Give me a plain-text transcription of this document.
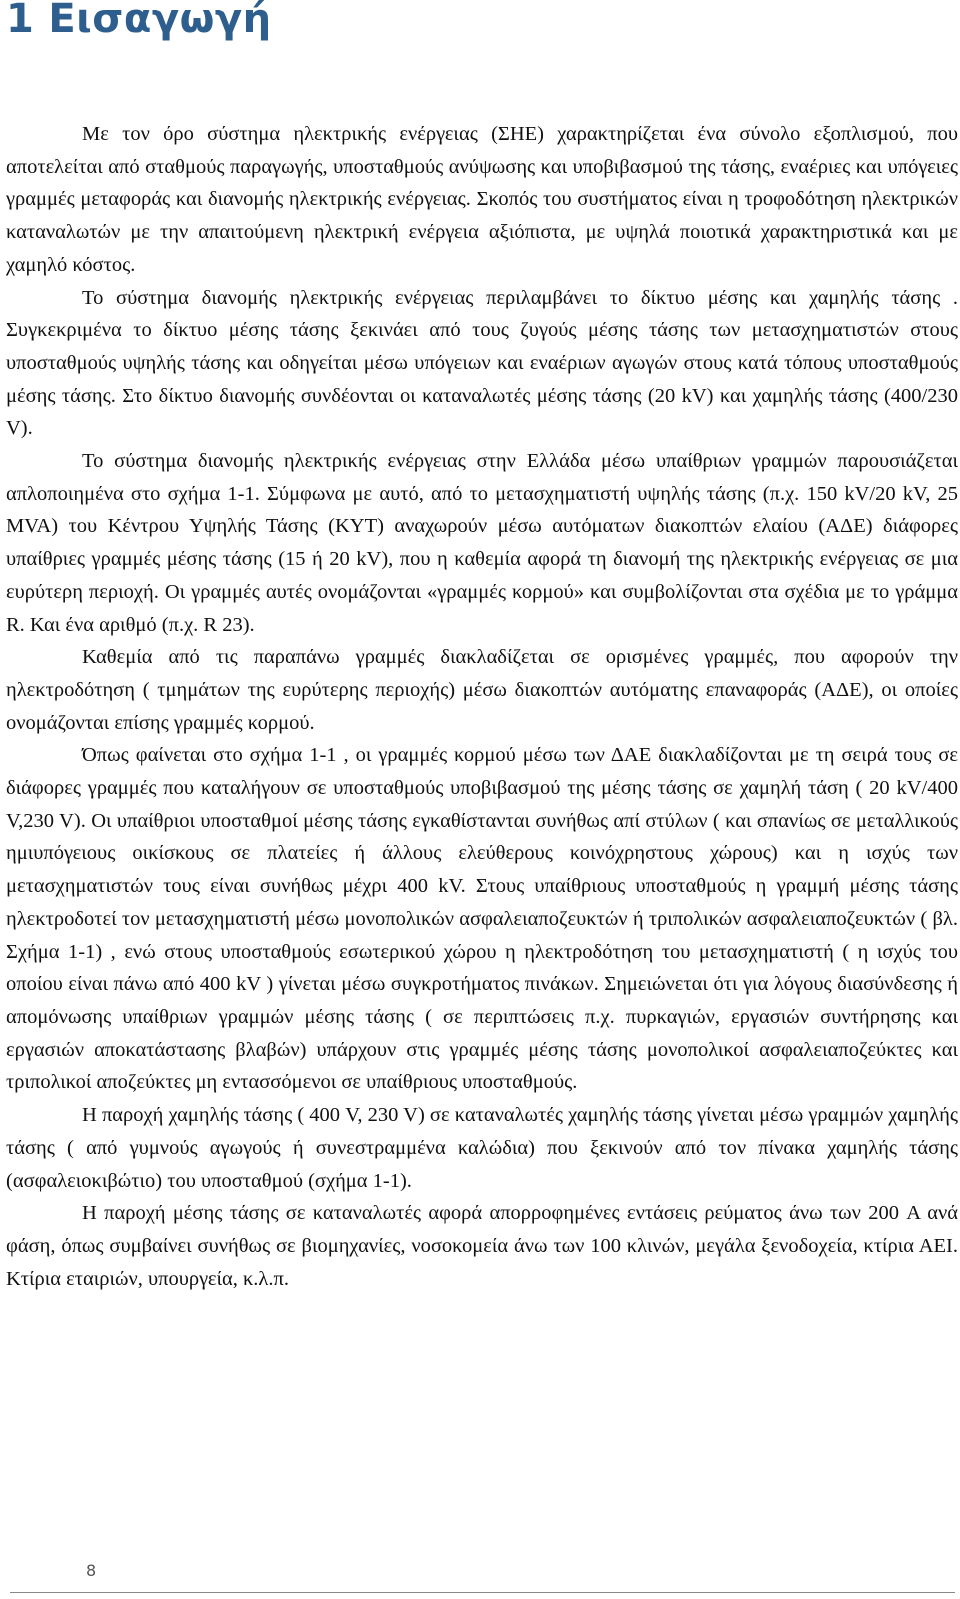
1 Εισαγωγή

Με τον όρο σύστημα ηλεκτρικής ενέργειας (ΣΗΕ) χαρακτηρίζεται ένα σύνολο εξοπλισμού, που αποτελείται από σταθμούς παραγωγής, υποσταθμούς ανύψωσης και υποβιβασμού της τάσης, εναέριες και υπόγειες γραμμές μεταφοράς και διανομής ηλεκτρικής ενέργειας. Σκοπός του συστήματος είναι η τροφοδότηση ηλεκτρικών καταναλωτών με την απαιτούμενη ηλεκτρική ενέργεια αξιόπιστα, με υψηλά ποιοτικά χαρακτηριστικά και με χαμηλό κόστος.

Το σύστημα διανομής ηλεκτρικής ενέργειας περιλαμβάνει το δίκτυο μέσης και χαμηλής τάσης . Συγκεκριμένα το δίκτυο μέσης τάσης ξεκινάει από τους ζυγούς μέσης τάσης των μετασχηματιστών στους υποσταθμούς υψηλής τάσης και οδηγείται μέσω υπόγειων και εναέριων αγωγών στους κατά τόπους υποσταθμούς μέσης τάσης. Στο δίκτυο διανομής συνδέονται οι καταναλωτές μέσης τάσης (20 kV) και χαμηλής τάσης (400/230 V).

Το σύστημα διανομής ηλεκτρικής ενέργειας στην Ελλάδα μέσω υπαίθριων γραμμών παρουσιάζεται απλοποιημένα στο σχήμα 1-1. Σύμφωνα με αυτό, από το μετασχηματιστή υψηλής τάσης (π.χ. 150 kV/20 kV, 25 MVA) του Κέντρου Υψηλής Τάσης (ΚΥΤ) αναχωρούν μέσω αυτόματων διακοπτών ελαίου (ΑΔΕ) διάφορες υπαίθριες γραμμές μέσης τάσης (15 ή 20 kV), που η καθεμία αφορά τη διανομή της ηλεκτρικής ενέργειας σε μια ευρύτερη περιοχή. Οι γραμμές αυτές ονομάζονται «γραμμές κορμού» και συμβολίζονται στα σχέδια με το γράμμα R. Και ένα αριθμό (π.χ. R 23).

Καθεμία από τις παραπάνω γραμμές διακλαδίζεται σε ορισμένες γραμμές, που αφορούν την ηλεκτροδότηση ( τμημάτων της ευρύτερης περιοχής) μέσω διακοπτών αυτόματης επαναφοράς (ΑΔΕ), οι οποίες ονομάζονται επίσης γραμμές κορμού.

Όπως φαίνεται στο σχήμα 1-1 , οι γραμμές κορμού μέσω των ΔΑΕ διακλαδίζονται με τη σειρά τους σε διάφορες γραμμές που καταλήγουν σε υποσταθμούς υποβιβασμού της μέσης τάσης σε χαμηλή τάση ( 20 kV/400 V,230 V). Οι υπαίθριοι υποσταθμοί μέσης τάσης εγκαθίστανται συνήθως απί στύλων ( και σπανίως σε μεταλλικούς ημιυπόγειους οικίσκους σε πλατείες ή άλλους ελεύθερους κοινόχρηστους χώρους) και η ισχύς των μετασχηματιστών τους είναι συνήθως μέχρι 400 kV. Στους υπαίθριους υποσταθμούς η γραμμή μέσης τάσης ηλεκτροδοτεί τον μετασχηματιστή μέσω μονοπολικών ασφαλειαποζευκτών ή τριπολικών ασφαλειαποζευκτών ( βλ. Σχήμα 1-1) , ενώ στους υποσταθμούς εσωτερικού χώρου η ηλεκτροδότηση του μετασχηματιστή ( η ισχύς του οποίου είναι πάνω από 400 kV ) γίνεται μέσω συγκροτήματος πινάκων. Σημειώνεται ότι για λόγους διασύνδεσης ή απομόνωσης υπαίθριων γραμμών μέσης τάσης ( σε περιπτώσεις π.χ. πυρκαγιών, εργασιών συντήρησης και εργασιών αποκατάστασης βλαβών) υπάρχουν στις γραμμές μέσης τάσης μονοπολικοί ασφαλειαποζεύκτες και τριπολικοί αποζεύκτες μη εντασσόμενοι σε υπαίθριους υποσταθμούς.

Η παροχή χαμηλής τάσης ( 400 V, 230 V) σε καταναλωτές χαμηλής τάσης γίνεται μέσω γραμμών χαμηλής τάσης ( από γυμνούς αγωγούς ή συνεστραμμένα καλώδια) που ξεκινούν από τον πίνακα χαμηλής τάσης (ασφαλειοκιβώτιο) του υποσταθμού (σχήμα 1-1).

Η παροχή μέσης τάσης σε καταναλωτές αφορά απορροφημένες εντάσεις ρεύματος άνω των 200 A ανά φάση, όπως συμβαίνει συνήθως σε βιομηχανίες, νοσοκομεία άνω των 100 κλινών, μεγάλα ξενοδοχεία, κτίρια ΑΕΙ. Κτίρια εταιριών, υπουργεία, κ.λ.π.

8
